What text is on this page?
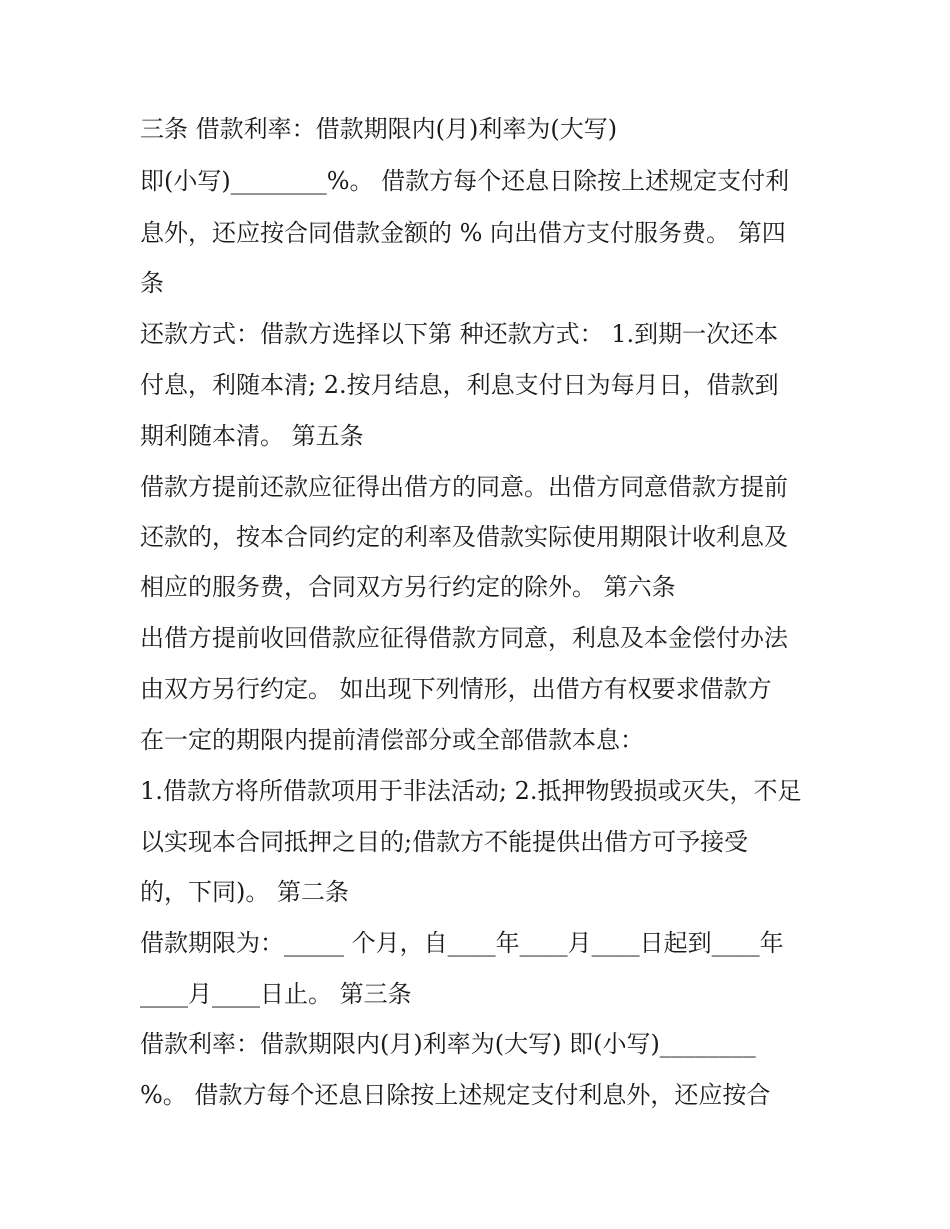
三条 借款利率：借款期限内(月)利率为(大写)
即(小写)________%。 借款方每个还息日除按上述规定支付利
息外，还应按合同借款金额的 % 向出借方支付服务费。 第四
条
还款方式：借款方选择以下第 种还款方式： 1.到期一次还本
付息，利随本清; 2.按月结息，利息支付日为每月日，借款到
期利随本清。 第五条
借款方提前还款应征得出借方的同意。出借方同意借款方提前
还款的，按本合同约定的利率及借款实际使用期限计收利息及
相应的服务费，合同双方另行约定的除外。 第六条
出借方提前收回借款应征得借款方同意，利息及本金偿付办法
由双方另行约定。 如出现下列情形，出借方有权要求借款方
在一定的期限内提前清偿部分或全部借款本息：
1.借款方将所借款项用于非法活动; 2.抵押物毁损或灭失，不足
以实现本合同抵押之目的;借款方不能提供出借方可予接受
的，下同)。 第二条
借款期限为：_____ 个月，自____年____月____日起到____年
____月____日止。 第三条
借款利率：借款期限内(月)利率为(大写) 即(小写)________
%。 借款方每个还息日除按上述规定支付利息外，还应按合
